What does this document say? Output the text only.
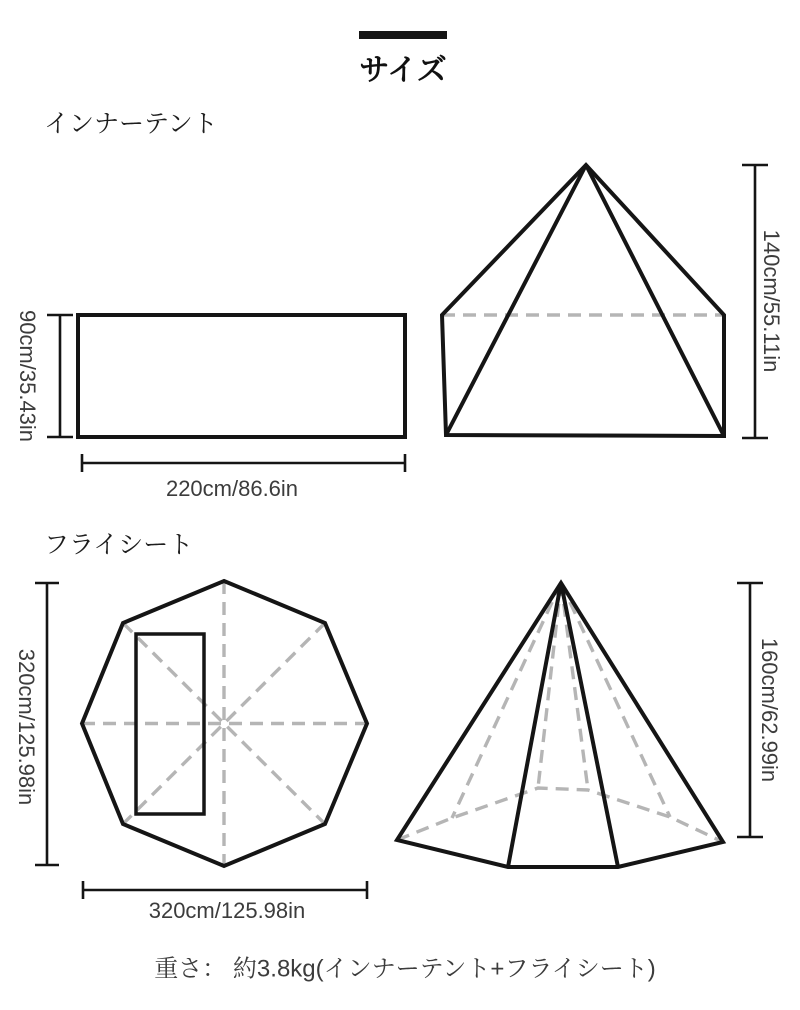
サイズ
インナーテント
フライシート
90cm/35.43in
220cm/86.6in
140cm/55.11in
320cm/125.98in
320cm/125.98in
160cm/62.99in
重さ： 約3.8kg(インナーテント+フライシート)
